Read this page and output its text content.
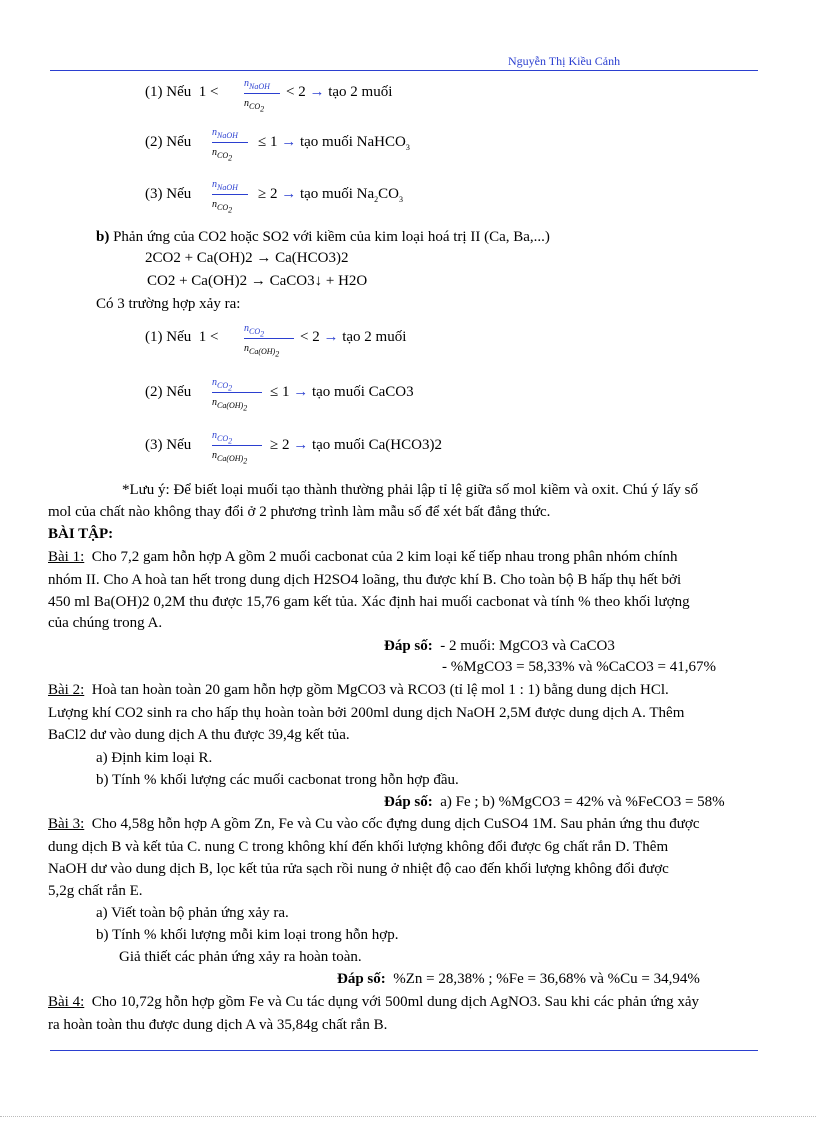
Nguyễn Thị Kiều Cảnh
(1) Nếu 1 <
$n_{NaOH}$
$n_{CO_2}$
< 2 → tạo 2 muối
(2) Nếu
$n_{NaOH}$
$n_{CO_2}$
≤ 1 → tạo muối NaHCO$_3$
(3) Nếu
$n_{NaOH}$
$n_{CO_2}$
≥ 2 → tạo muối $Na_2CO_3$
b) Phản ứng của CO2 hoặc SO2 với kiềm của kim loại hoá trị II (Ca, Ba,...)
2CO2 + Ca(OH)2 → Ca(HCO3)2
CO2 + Ca(OH)2 → CaCO3↓ + H2O
Có 3 trường hợp xảy ra:
(1) Nếu 1 <
$n_{CO_2}$
$n_{Ca(OH)_2}$
< 2 → tạo 2 muối
(2) Nếu
$n_{CO_2}$
$n_{Ca(OH)_2}$
≤ 1 → tạo muối CaCO3
(3) Nếu
$n_{CO_2}$
$n_{Ca(OH)_2}$
≥ 2 → tạo muối Ca(HCO3)2
*Lưu ý: Để biết loại muối tạo thành thường phải lập tỉ lệ giữa số mol kiềm và oxit. Chú ý lấy số
mol của chất nào không thay đổi ở 2 phương trình làm mẫu số để xét bất đẳng thức.
BÀI TẬP:
Bài 1: Cho 7,2 gam hỗn hợp A gồm 2 muối cacbonat của 2 kim loại kế tiếp nhau trong phân nhóm chính
nhóm II. Cho A hoà tan hết trong dung dịch H2SO4 loãng, thu được khí B. Cho toàn bộ B hấp thụ hết bởi
450 ml Ba(OH)2 0,2M thu được 15,76 gam kết tủa. Xác định hai muối cacbonat và tính % theo khối lượng
của chúng trong A.
Đáp số: - 2 muối: MgCO3 và CaCO3
- %MgCO3 = 58,33% và %CaCO3 = 41,67%
Bài 2: Hoà tan hoàn toàn 20 gam hỗn hợp gồm MgCO3 và RCO3 (tỉ lệ mol 1 : 1) bằng dung dịch HCl.
Lượng khí CO2 sinh ra cho hấp thụ hoàn toàn bởi 200ml dung dịch NaOH 2,5M được dung dịch A. Thêm
BaCl2 dư vào dung dịch A thu được 39,4g kết tủa.
a) Định kim loại R.
b) Tính % khối lượng các muối cacbonat trong hỗn hợp đầu.
Đáp số: a) Fe ; b) %MgCO3 = 42% và %FeCO3 = 58%
Bài 3: Cho 4,58g hỗn hợp A gồm Zn, Fe và Cu vào cốc đựng dung dịch CuSO4 1M. Sau phản ứng thu được
dung dịch B và kết tủa C. nung C trong không khí đến khối lượng không đổi được 6g chất rắn D. Thêm
NaOH dư vào dung dịch B, lọc kết tủa rửa sạch rồi nung ở nhiệt độ cao đến khối lượng không đổi được
5,2g chất rắn E.
a) Viết toàn bộ phản ứng xảy ra.
b) Tính % khối lượng mỗi kim loại trong hỗn hợp.
Giả thiết các phản ứng xảy ra hoàn toàn.
Đáp số: %Zn = 28,38% ; %Fe = 36,68% và %Cu = 34,94%
Bài 4: Cho 10,72g hỗn hợp gồm Fe và Cu tác dụng với 500ml dung dịch AgNO3. Sau khi các phản ứng xảy
ra hoàn toàn thu được dung dịch A và 35,84g chất rắn B.
